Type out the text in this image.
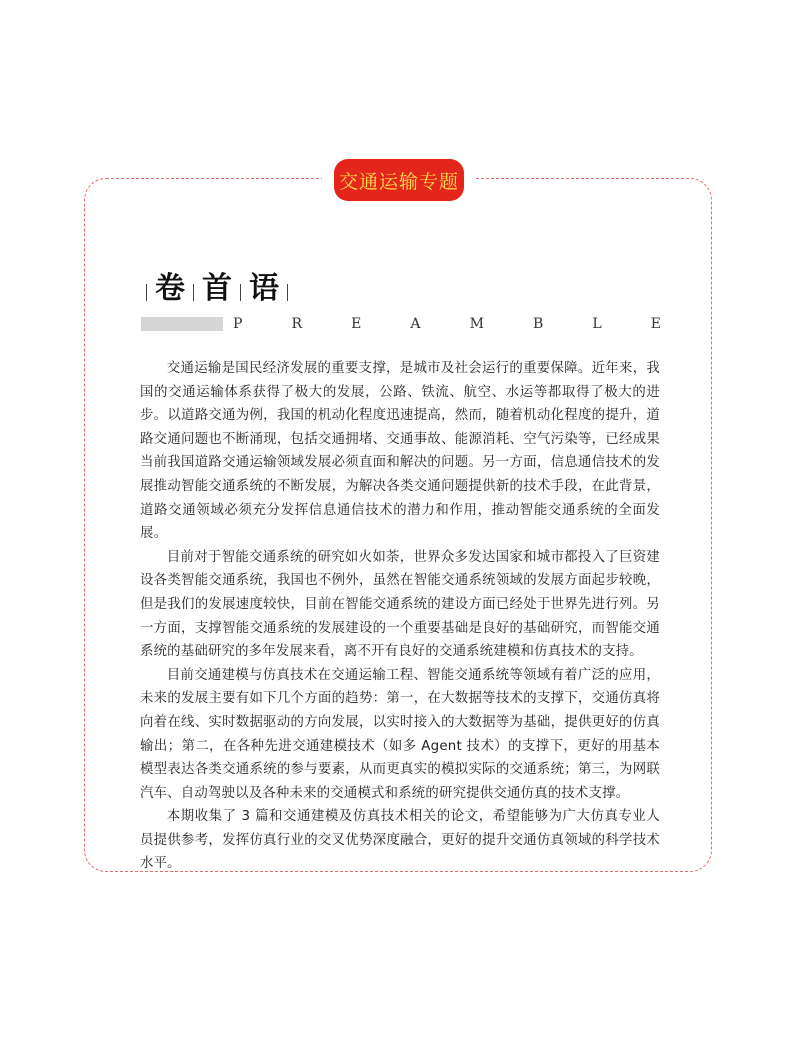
交通运输专题
卷 首 语
P	R	E	A	M	B	L	E

交通运输是国民经济发展的重要支撑，是城市及社会运行的重要保障。近年来，我国的交通运输体系获得了极大的发展，公路、铁流、航空、水运等都取得了极大的进步。以道路交通为例，我国的机动化程度迅速提高，然而，随着机动化程度的提升，道路交通问题也不断涌现，包括交通拥堵、交通事故、能源消耗、空气污染等，已经成果当前我国道路交通运输领域发展必须直面和解决的问题。另一方面，信息通信技术的发展推动智能交通系统的不断发展，为解决各类交通问题提供新的技术手段，在此背景，道路交通领域必须充分发挥信息通信技术的潜力和作用，推动智能交通系统的全面发展。

目前对于智能交通系统的研究如火如荼，世界众多发达国家和城市都投入了巨资建设各类智能交通系统，我国也不例外，虽然在智能交通系统领域的发展方面起步较晚，但是我们的发展速度较快，目前在智能交通系统的建设方面已经处于世界先进行列。另一方面，支撑智能交通系统的发展建设的一个重要基础是良好的基础研究，而智能交通系统的基础研究的多年发展来看，离不开有良好的交通系统建模和仿真技术的支持。

目前交通建模与仿真技术在交通运输工程、智能交通系统等领域有着广泛的应用，未来的发展主要有如下几个方面的趋势：第一，在大数据等技术的支撑下，交通仿真将向着在线、实时数据驱动的方向发展，以实时接入的大数据等为基础，提供更好的仿真输出；第二，在各种先进交通建模技术（如多 Agent 技术）的支撑下，更好的用基本模型表达各类交通系统的参与要素，从而更真实的模拟实际的交通系统；第三，为网联汽车、自动驾驶以及各种未来的交通模式和系统的研究提供交通仿真的技术支撑。

本期收集了 3 篇和交通建模及仿真技术相关的论文，希望能够为广大仿真专业人员提供参考，发挥仿真行业的交叉优势深度融合，更好的提升交通仿真领域的科学技术水平。
